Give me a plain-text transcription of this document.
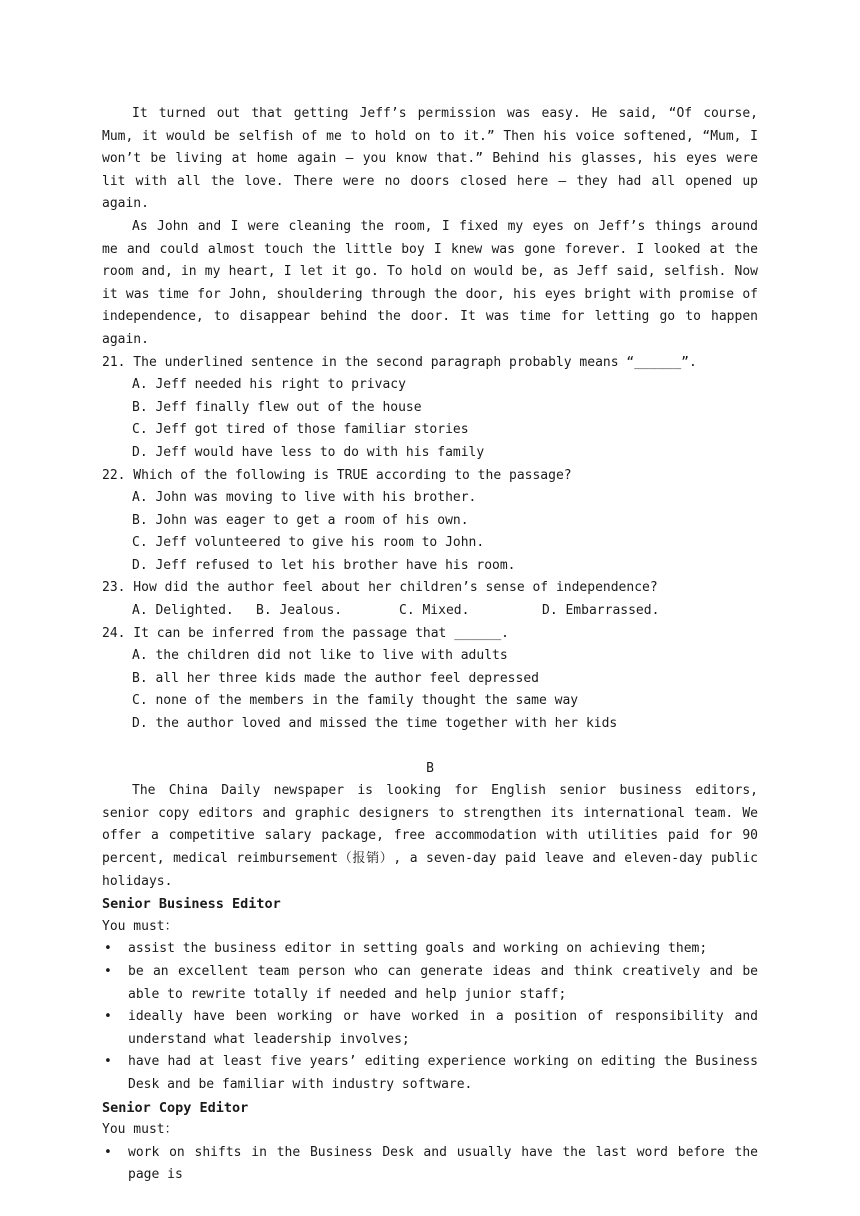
It turned out that getting Jeff’s permission was easy. He said, “Of course, Mum, it would be selfish of me to hold on to it.” Then his voice softened, “Mum, I won’t be living at home again — you know that.” Behind his glasses, his eyes were lit with all the love. There were no doors closed here — they had all opened up again.

As John and I were cleaning the room, I fixed my eyes on Jeff’s things around me and could almost touch the little boy I knew was gone forever. I looked at the room and, in my heart, I let it go. To hold on would be, as Jeff said, selfish. Now it was time for John, shouldering through the door, his eyes bright with promise of independence, to disappear behind the door. It was time for letting go to happen again.

21. The underlined sentence in the second paragraph probably means “______”.

A. Jeff needed his right to privacy

B. Jeff finally flew out of the house

C. Jeff got tired of those familiar stories

D. Jeff would have less to do with his family

22. Which of the following is TRUE according to the passage?

A. John was moving to live with his brother.

B. John was eager to get a room of his own.

C. Jeff volunteered to give his room to John.

D. Jeff refused to let his brother have his room.

23. How did the author feel about her children’s sense of independence?

A. Delighted.	B. Jealous.	C. Mixed.	D. Embarrassed.

24. It can be inferred from the passage that ______.

A. the children did not like to live with adults

B. all her three kids made the author feel depressed

C. none of the members in the family thought the same way

D. the author loved and missed the time together with her kids

B

The China Daily newspaper is looking for English senior business editors, senior copy editors and graphic designers to strengthen its international team. We offer a competitive salary package, free accommodation with utilities paid for 90 percent, medical reimbursement（报销）, a seven-day paid leave and eleven-day public holidays.

Senior Business Editor

You must：

• assist the business editor in setting goals and working on achieving them;

• be an excellent team person who can generate ideas and think creatively and be able to rewrite totally if needed and help junior staff;

• ideally have been working or have worked in a position of responsibility and understand what leadership involves;

• have had at least five years’ editing experience working on editing the Business Desk and be familiar with industry software.

Senior Copy Editor

You must：

• work on shifts in the Business Desk and usually have the last word before the page is
